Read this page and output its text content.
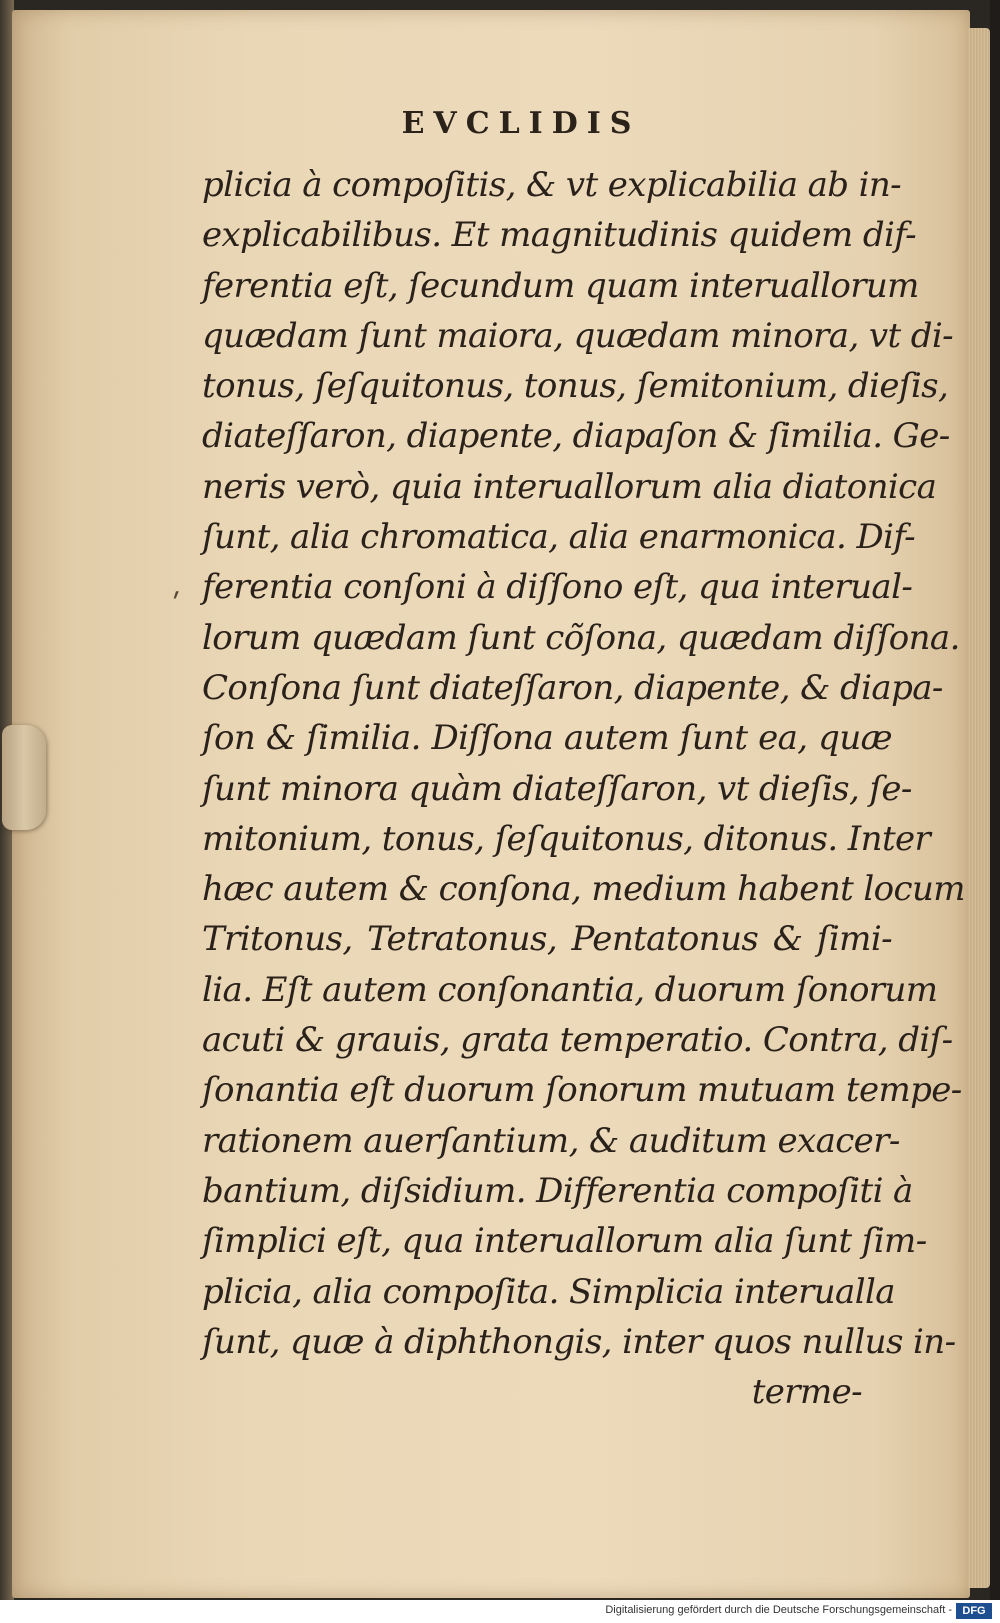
EVCLIDIS
ʹ
plicia à compoſitis, & vt explicabilia ab in-
explicabilibus. Et magnitudinis quidem dif-
ferentia eſt, ſecundum quam interuallorum
quædam ſunt maiora, quædam minora, vt di-
tonus, ſeſquitonus, tonus, ſemitonium, dieſis,
diateſſaron, diapente, diapaſon & ſimilia. Ge-
neris verò, quia interuallorum alia diatonica
ſunt, alia chromatica, alia enarmonica. Dif-
ferentia conſoni à diſſono eſt, qua interual-
lorum quædam ſunt cõſona, quædam diſſona.
Conſona ſunt diateſſaron, diapente, & diapa-
ſon & ſimilia. Diſſona autem ſunt ea, quæ
ſunt minora quàm diateſſaron, vt dieſis, ſe-
mitonium, tonus, ſeſquitonus, ditonus. Inter
hæc autem & conſona, medium habent locum
Tritonus, Tetratonus, Pentatonus & ſimi-
lia. Eſt autem conſonantia, duorum ſonorum
acuti & grauis, grata temperatio. Contra, diſ-
ſonantia eſt duorum ſonorum mutuam tempe-
rationem auerſantium, & auditum exacer-
bantium, diſsidium. Differentia compoſiti à
ſimplici eſt, qua interuallorum alia ſunt ſim-
plicia, alia compoſita. Simplicia interualla
ſunt, quæ à diphthongis, inter quos nullus in-
terme-
Digitalisierung gefördert durch die Deutsche Forschungsgemeinschaft - DFG
